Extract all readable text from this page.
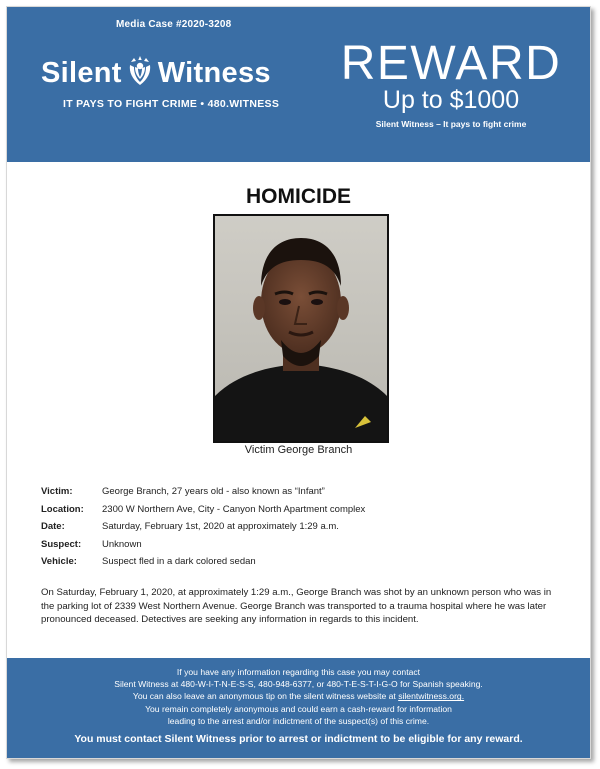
Media Case #2020-3208
Silent Witness
IT PAYS TO FIGHT CRIME • 480.WITNESS
REWARD
Up to $1000
Silent Witness – It pays to fight crime
HOMICIDE
Victim George Branch
Victim:	George Branch, 27 years old - also known as “Infant”
Location:	2300 W Northern Ave, City - Canyon North Apartment complex
Date:	Saturday, February 1st, 2020 at approximately 1:29 a.m.
Suspect:	Unknown
Vehicle:	Suspect fled in a dark colored sedan
On Saturday, February 1, 2020, at approximately 1:29 a.m., George Branch was shot by an unknown person who was in the parking lot of 2339 West Northern Avenue. George Branch was transported to a trauma hospital where he was later pronounced deceased. Detectives are seeking any information in regards to this incident.
If you have any information regarding this case you may contact
Silent Witness at 480-W-I-T-N-E-S-S, 480-948-6377, or 480-T-E-S-T-I-G-O for Spanish speaking.
You can also leave an anonymous tip on the silent witness website at silentwitness.org.
You remain completely anonymous and could earn a cash-reward for information
leading to the arrest and/or indictment of the suspect(s) of this crime.
You must contact Silent Witness prior to arrest or indictment to be eligible for any reward.
